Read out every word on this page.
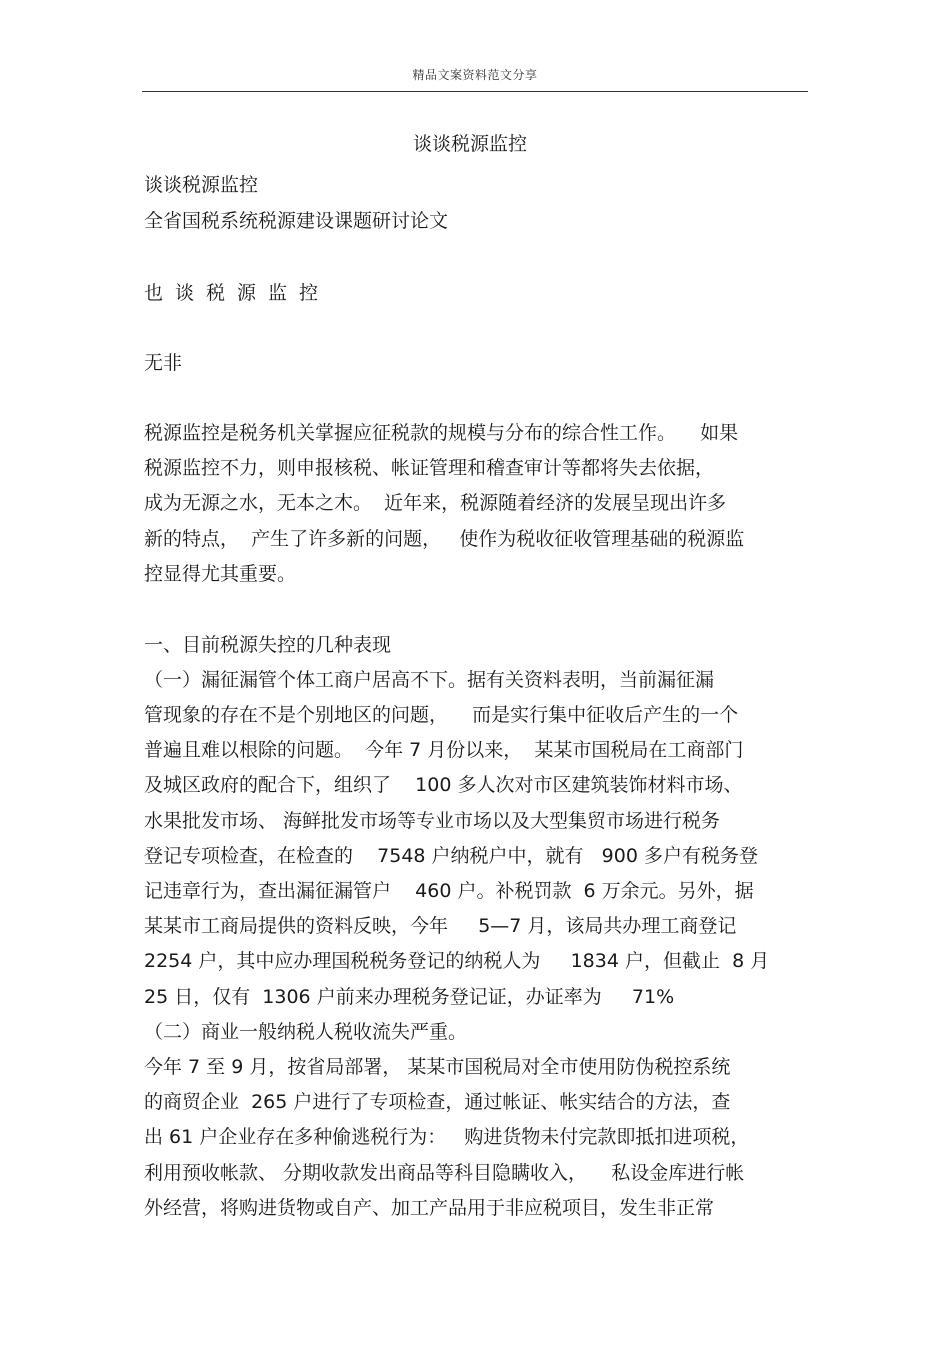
精品文案资料范文分享
谈谈税源监控
谈谈税源监控
全省国税系统税源建设课题研讨论文
也谈税源监控
无非
税源监控是税务机关掌握应征税款的规模与分布的综合性工作。    如果
税源监控不力，则申报核税、帐证管理和稽查审计等都将失去依据，
成为无源之水，无本之木。  近年来，税源随着经济的发展呈现出许多
新的特点，  产生了许多新的问题，   使作为税收征收管理基础的税源监
控显得尤其重要。
一、目前税源失控的几种表现
（一）漏征漏管个体工商户居高不下。据有关资料表明，当前漏征漏
管现象的存在不是个别地区的问题，    而是实行集中征收后产生的一个
普遍且难以根除的问题。  今年 7 月份以来，  某某市国税局在工商部门
及城区政府的配合下，组织了    100 多人次对市区建筑装饰材料市场、
水果批发市场、 海鲜批发市场等专业市场以及大型集贸市场进行税务
登记专项检查，在检查的    7548 户纳税户中，就有   900 多户有税务登
记违章行为，查出漏征漏管户    460 户。补税罚款  6 万余元。另外，据
某某市工商局提供的资料反映，今年     5—7 月，该局共办理工商登记
2254 户，其中应办理国税税务登记的纳税人为     1834 户，但截止  8 月
25 日，仅有  1306 户前来办理税务登记证，办证率为     71%
（二）商业一般纳税人税收流失严重。
今年 7 至 9 月，按省局部署， 某某市国税局对全市使用防伪税控系统
的商贸企业  265 户进行了专项检查，通过帐证、帐实结合的方法，查
出 61 户企业存在多种偷逃税行为：   购进货物未付完款即抵扣进项税，
利用预收帐款、 分期收款发出商品等科目隐瞒收入，    私设金库进行帐
外经营，将购进货物或自产、加工产品用于非应税项目，发生非正常
